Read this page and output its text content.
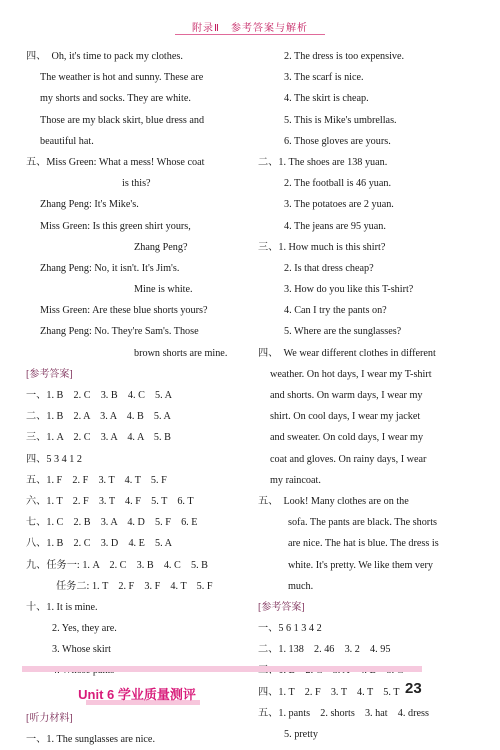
附录Ⅱ　参考答案与解析
四、　Oh, it's time to pack my clothes.
The weather is hot and sunny. These are
my shorts and socks. They are white.
Those are my black skirt, blue dress and
beautiful hat.
五、Miss Green: What a mess! Whose coat
is this?
Zhang Peng: It's Mike's.
Miss Green: Is this green shirt yours,
Zhang Peng?
Zhang Peng: No, it isn't. It's Jim's.
Mine is white.
Miss Green: Are these blue shorts yours?
Zhang Peng: No. They're Sam's. Those
brown shorts are mine.
[参考答案]
一、1. B　2. C　3. B　4. C　5. A
二、1. B　2. A　3. A　4. B　5. A
三、1. A　2. C　3. A　4. A　5. B
四、5 3 4 1 2
五、1. F　2. F　3. T　4. T　5. F
六、1. T　2. F　3. T　4. F　5. T　6. T
七、1. C　2. B　3. A　4. D　5. F　6. E
八、1. B　2. C　3. D　4. E　5. A
九、任务一: 1. A　2. C　3. B　4. C　5. B
任务二: 1. T　2. F　3. F　4. T　5. F
十、1. It is mine.
2. Yes, they are.
3. Whose skirt
Unit 6 学业质量测评
[听力材料]
一、1. The sunglasses are nice.
2. The dress is too expensive.
3. The scarf is nice.
4. The skirt is cheap.
5. This is Mike's umbrellas.
6. Those gloves are yours.
二、1. The shoes are 138 yuan.
2. The football is 46 yuan.
3. The potatoes are 2 yuan.
4. The jeans are 95 yuan.
三、1. How much is this shirt?
2. Is that dress cheap?
3. How do you like this T-shirt?
4. Can I try the pants on?
5. Where are the sunglasses?
四、　We wear different clothes in different
weather. On hot days, I wear my T-shirt
and shorts. On warm days, I wear my
shirt. On cool days, I wear my jacket
and sweater. On cold days, I wear my
coat and gloves. On rainy days, I wear
my raincoat.
五、　Look! Many clothes are on the
sofa. The pants are black. The shorts
are nice. The hat is blue. The dress is
white. It's pretty. We like them very
much.
[参考答案]
一、5 6 1 3 4 2
二、1. 138　2. 46　3. 2　4. 95
四、1. T　2. F　3. T　4. T　5. T
五、1. pants　2. shorts　3. hat　4. dress
5. pretty
23
